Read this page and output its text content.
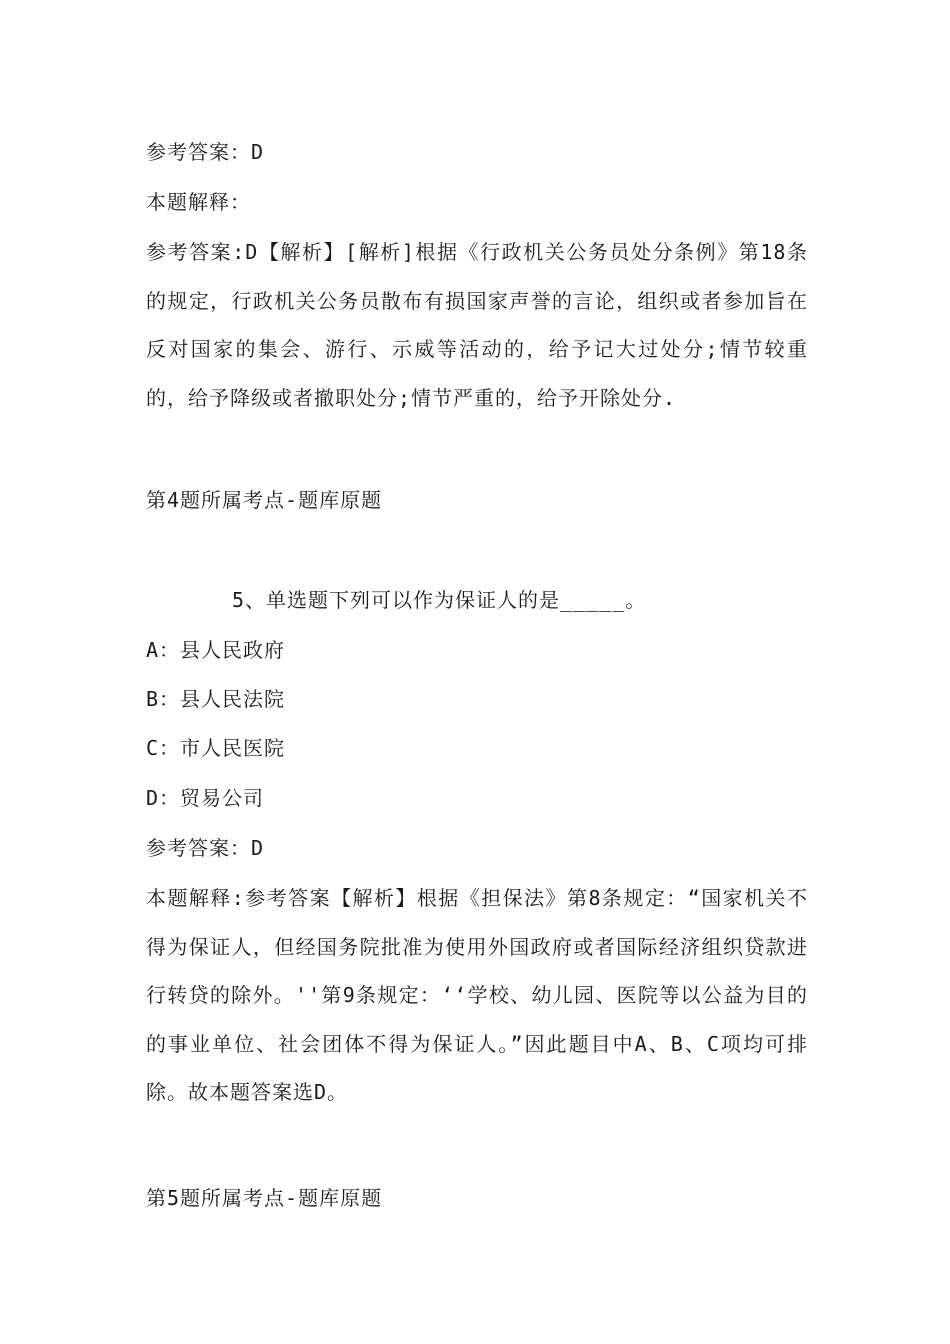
参考答案：D
本题解释：
参考答案:D【解析】[解析]根据《行政机关公务员处分条例》第18条的规定，行政机关公务员散布有损国家声誉的言论，组织或者参加旨在反对国家的集会、游行、示威等活动的，给予记大过处分;情节较重的，给予降级或者撤职处分;情节严重的，给予开除处分.
第4题所属考点-题库原题
5、单选题下列可以作为保证人的是_____。
A：县人民政府
B：县人民法院
C：市人民医院
D：贸易公司
参考答案：D
本题解释:参考答案【解析】根据《担保法》第8条规定：“国家机关不得为保证人，但经国务院批准为使用外国政府或者国际经济组织贷款进行转贷的除外。''第9条规定：‘‘学校、幼儿园、医院等以公益为目的的事业单位、社会团体不得为保证人。”因此题目中A、B、C项均可排除。故本题答案选D。
第5题所属考点-题库原题
